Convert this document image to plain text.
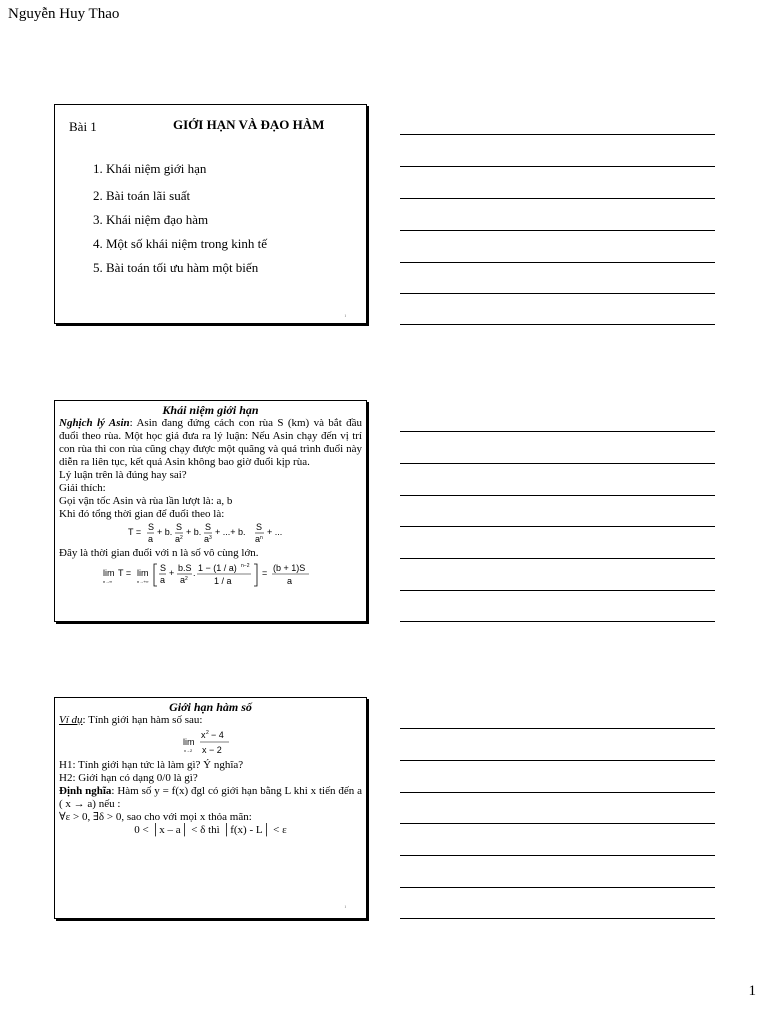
Nguyễn Huy Thao
Bài 1	GIỚI HẠN VÀ ĐẠO HÀM
1. Khái niệm giới hạn
2. Bài toán lãi suất
3. Khái niệm đạo hàm
4. Một số khái niệm trong kinh tế
5. Bài toán tối ưu hàm một biến
ı
Khái niệm giới hạn

Nghịch lý Asin: Asin đang đứng cách con rùa S (km) và bắt đầu đuổi theo rùa. Một học giả đưa ra lý luận: Nếu Asin chạy đến vị trí con rùa thì con rùa cũng chạy được một quãng và quá trình đuổi này diễn ra liên tục, kết quả Asin không bao giờ đuổi kịp rùa.

Lý luận trên là đúng hay sai?

Giải thích:

Gọi vận tốc Asin và rùa lần lượt là: a, b

Khi đó tổng thời gian để đuổi theo là:

T = S
a
+ b. S
a 2
+ b. S
a 3
+ ...+ b. S
a n
+ ...

Đây là thời gian đuổi với n là số vô cùng lớn.

lim
n→∞
T = lim
n→+∞
S
a
+ b.S
a 2
. 1 − (1 / a) n−2
1 / a
= (b + 1)S
a
Giới hạn hàm số

Ví dụ: Tính giới hạn hàm số sau:

lim
x→2
x 2 − 4
x − 2

H1: Tính giới hạn tức là làm gì? Ý nghĩa?

H2: Giới hạn có dạng 0/0 là gì?

Định nghĩa: Hàm số y = f(x) đgl có giới hạn bằng L khi x tiến đến a ( x → a) nếu :

∀ε > 0, ∃δ > 0, sao cho với mọi x thỏa mãn:

0 < │x – a│ < δ thì │f(x) - L│ < ε

ı
1
